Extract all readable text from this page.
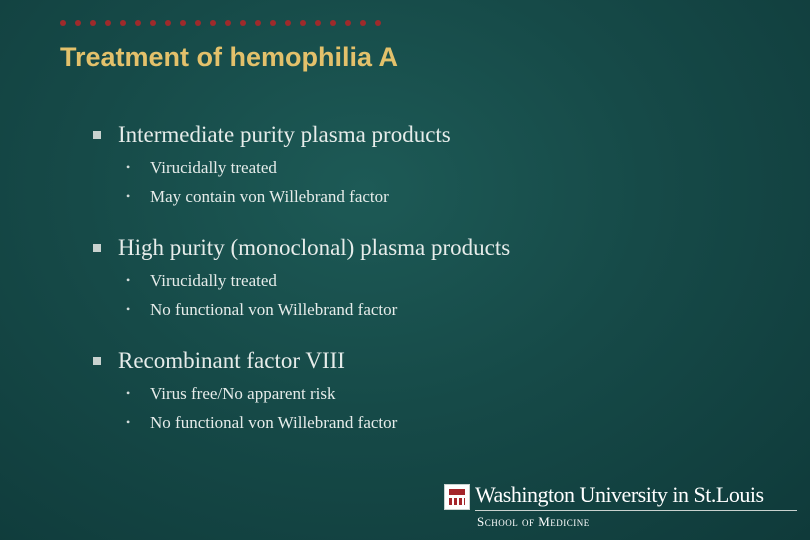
Treatment of hemophilia A
Intermediate purity plasma products
•	Virucidally treated
•	May contain von Willebrand factor
High purity (monoclonal) plasma products
•	Virucidally treated
•	No functional von Willebrand factor
Recombinant factor VIII
•	Virus free/No apparent risk
•	No functional von Willebrand factor
Washington University in St.Louis
School of Medicine
